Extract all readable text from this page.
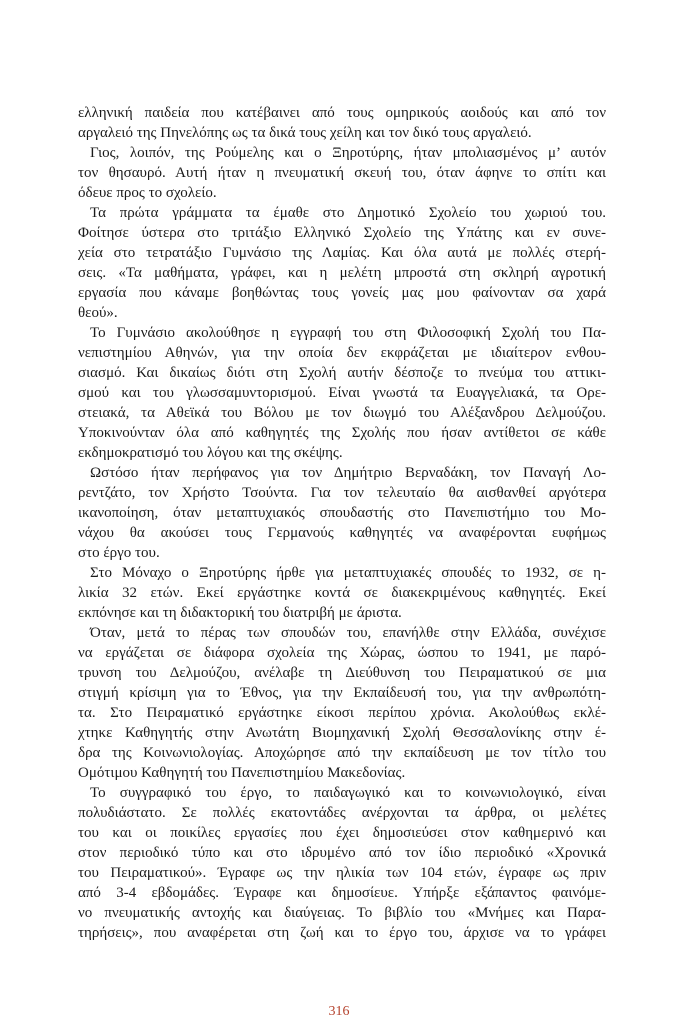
ελληνική παιδεία που κατέβαινει από τους ομηρικούς αοιδούς και από τον
αργαλειό της Πηνελόπης ως τα δικά τους χείλη και τον δικό τους αργαλειό.
Γιος, λοιπόν, της Ρούμελης και ο Ξηροτύρης, ήταν μπολιασμένος μ’ αυτόν
τον θησαυρό. Αυτή ήταν η πνευματική σκευή του, όταν άφηνε το σπίτι και
όδευε προς το σχολείο.
Τα πρώτα γράμματα τα έμαθε στο Δημοτικό Σχολείο του χωριού του.
Φοίτησε ύστερα στο τριτάξιο Ελληνικό Σχολείο της Υπάτης και εν συνε-
χεία στο τετρατάξιο Γυμνάσιο της Λαμίας. Και όλα αυτά με πολλές στερή-
σεις. «Τα μαθήματα, γράφει, και η μελέτη μπροστά στη σκληρή αγροτική
εργασία που κάναμε βοηθώντας τους γονείς μας μου φαίνονταν σα χαρά
θεού».
Το Γυμνάσιο ακολούθησε η εγγραφή του στη Φιλοσοφική Σχολή του Πα-
νεπιστημίου Αθηνών, για την οποία δεν εκφράζεται με ιδιαίτερον ενθου-
σιασμό. Και δικαίως διότι στη Σχολή αυτήν δέσποζε το πνεύμα του αττικι-
σμού και του γλωσσαμυντορισμού. Είναι γνωστά τα Ευαγγελιακά, τα Ορε-
στειακά, τα Αθεϊκά του Βόλου με τον διωγμό του Αλέξανδρου Δελμούζου.
Υποκινούνταν όλα από καθηγητές της Σχολής που ήσαν αντίθετοι σε κάθε
εκδημοκρατισμό του λόγου και της σκέψης.
Ωστόσο ήταν περήφανος για τον Δημήτριο Βερναδάκη, τον Παναγή Λο-
ρεντζάτο, τον Χρήστο Τσούντα. Για τον τελευταίο θα αισθανθεί αργότερα
ικανοποίηση, όταν μεταπτυχιακός σπουδαστής στο Πανεπιστήμιο του Μο-
νάχου θα ακούσει τους Γερμανούς καθηγητές να αναφέρονται ευφήμως
στο έργο του.
Στο Μόναχο ο Ξηροτύρης ήρθε για μεταπτυχιακές σπουδές το 1932, σε η-
λικία 32 ετών. Εκεί εργάστηκε κοντά σε διακεκριμένους καθηγητές. Εκεί
εκπόνησε και τη διδακτορική του διατριβή με άριστα.
Όταν, μετά το πέρας των σπουδών του, επανήλθε στην Ελλάδα, συνέχισε
να εργάζεται σε διάφορα σχολεία της Χώρας, ώσπου το 1941, με παρό-
τρυνση του Δελμούζου, ανέλαβε τη Διεύθυνση του Πειραματικού σε μια
στιγμή κρίσιμη για το Έθνος, για την Εκπαίδευσή του, για την ανθρωπότη-
τα. Στο Πειραματικό εργάστηκε είκοσι περίπου χρόνια. Ακολούθως εκλέ-
χτηκε Καθηγητής στην Ανωτάτη Βιομηχανική Σχολή Θεσσαλονίκης στην έ-
δρα της Κοινωνιολογίας. Αποχώρησε από την εκπαίδευση με τον τίτλο του
Ομότιμου Καθηγητή του Πανεπιστημίου Μακεδονίας.
Το συγγραφικό του έργο, το παιδαγωγικό και το κοινωνιολογικό, είναι
πολυδιάστατο. Σε πολλές εκατοντάδες ανέρχονται τα άρθρα, οι μελέτες
του και οι ποικίλες εργασίες που έχει δημοσιεύσει στον καθημερινό και
στον περιοδικό τύπο και στο ιδρυμένο από τον ίδιο περιοδικό «Χρονικά
του Πειραματικού». Έγραφε ως την ηλικία των 104 ετών, έγραφε ως πριν
από 3-4 εβδομάδες. Έγραφε και δημοσίευε. Υπήρξε εξάπαντος φαινόμε-
νο πνευματικής αντοχής και διαύγειας. Το βιβλίο του «Μνήμες και Παρα-
τηρήσεις», που αναφέρεται στη ζωή και το έργο του, άρχισε να το γράφει
316
